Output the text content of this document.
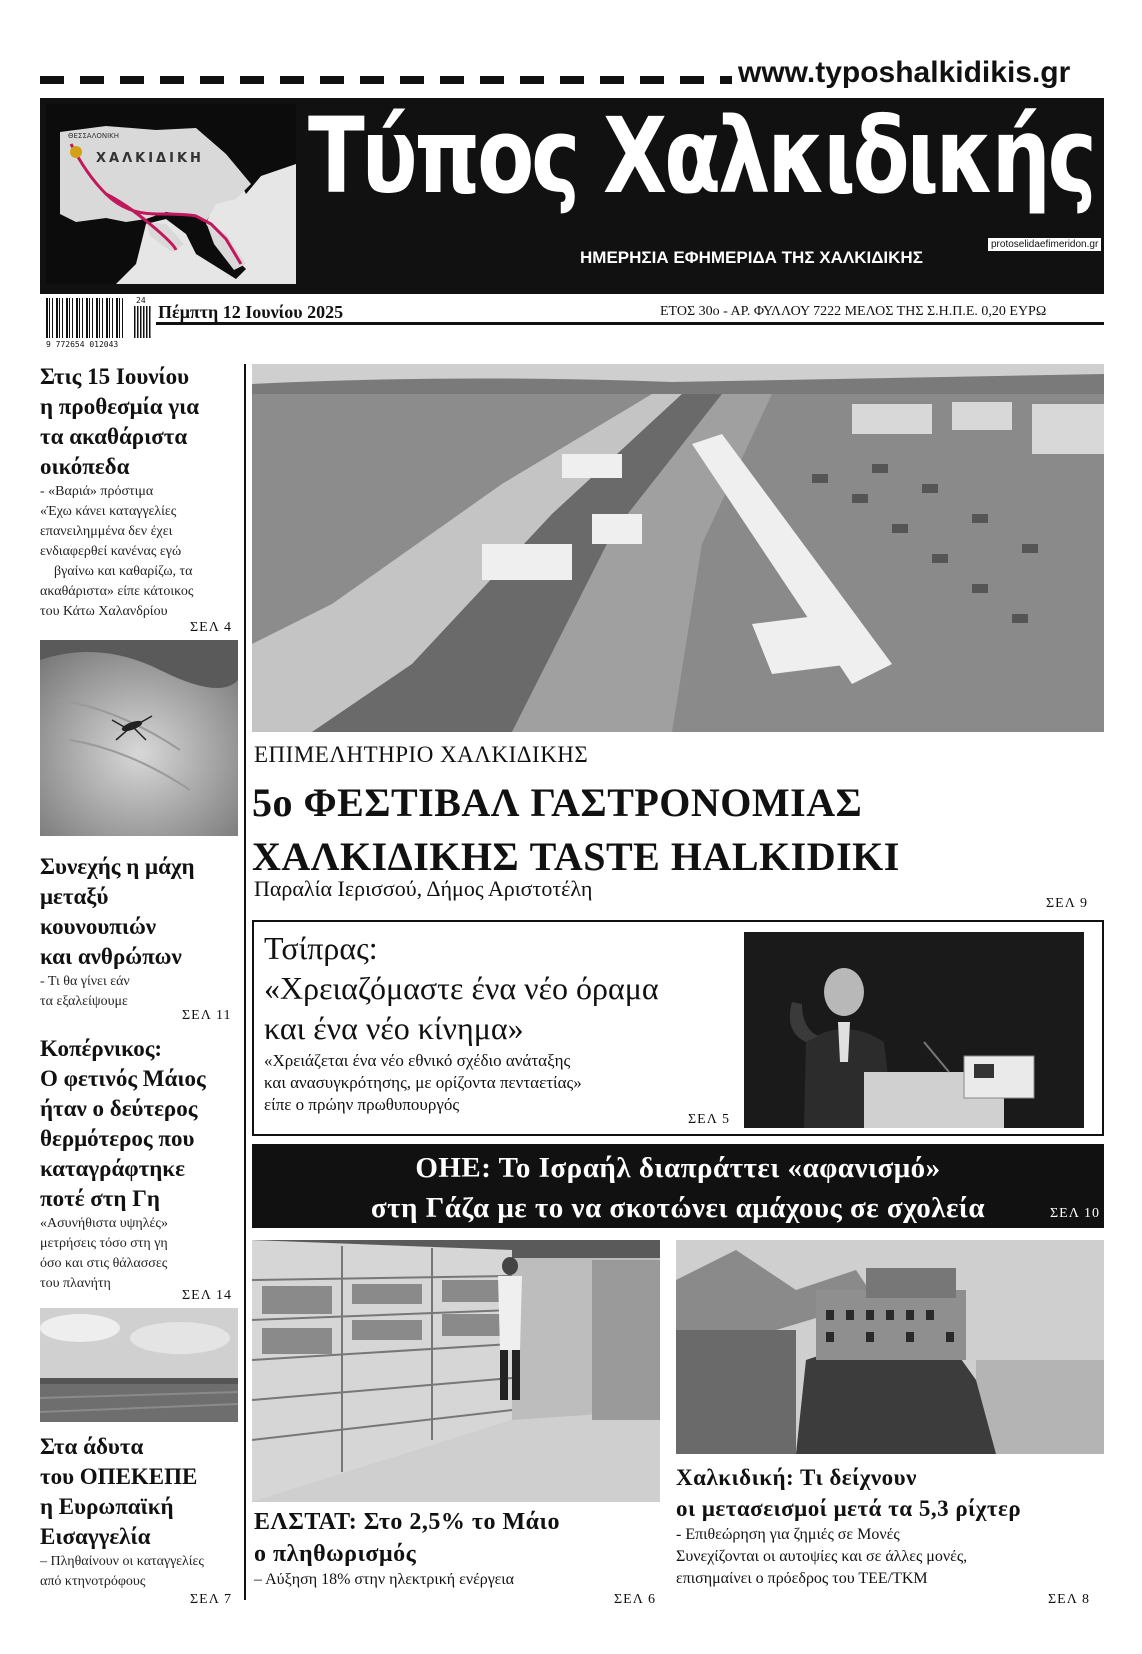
www.typoshalkidikis.gr
ΘΕΣΣΑΛΟΝΙΚΗ
ΧΑΛΚΙΔΙΚΗ Τύπος Χαλκιδικής
ΗΜΕΡΗΣΙΑ ΕΦΗΜΕΡΙΔΑ ΤΗΣ ΧΑΛΚΙΔΙΚΗΣ
protoselidaefimeridon.gr
9 772654 012043
24
Πέμπτη 12 Ιουνίου 2025	ΕΤΟΣ 30ο - ΑΡ. ΦΥΛΛΟΥ 7222 ΜΕΛΟΣ ΤΗΣ Σ.Η.Π.Ε. 0,20 ΕΥΡΩ
Στις 15 Ιουνίου
η προθεσμία για
τα ακαθάριστα
οικόπεδα
- «Βαριά» πρόστιμα
«Έχω κάνει καταγγελίες
επανειλημμένα δεν έχει
ενδιαφερθεί κανένας εγώ
βγαίνω και καθαρίζω, τα
ακαθάριστα» είπε κάτοικος
του Κάτω Χαλανδρίου
ΣΕΛ 4
Συνεχής η μάχη
μεταξύ
κουνουπιών
και ανθρώπων
- Τι θα γίνει εάν
τα εξαλείψουμε
ΣΕΛ 11
Κοπέρνικος:
Ο φετινός Μάιος
ήταν ο δεύτερος
θερμότερος που
καταγράφτηκε
ποτέ στη Γη
«Ασυνήθιστα υψηλές»
μετρήσεις τόσο στη γη
όσο και στις θάλασσες
του πλανήτη
ΣΕΛ 14
Στα άδυτα
του ΟΠΕΚΕΠΕ
η Ευρωπαϊκή
Εισαγγελία
– Πληθαίνουν οι καταγγελίες
από κτηνοτρόφους
ΣΕΛ 7
ΕΠΙΜΕΛΗΤΗΡΙΟ ΧΑΛΚΙΔΙΚΗΣ
5ο ΦΕΣΤΙΒΑΛ ΓΑΣΤΡΟΝΟΜΙΑΣ
ΧΑΛΚΙΔΙΚΗΣ TASTE HALKIDIKI
Παραλία Ιερισσού, Δήμος Αριστοτέλη
ΣΕΛ 9
Τσίπρας:
«Χρειαζόμαστε ένα νέο όραμα
και ένα νέο κίνημα»
«Χρειάζεται ένα νέο εθνικό σχέδιο ανάταξης
και ανασυγκρότησης, με ορίζοντα πενταετίας»
είπε ο πρώην πρωθυπουργός
ΣΕΛ 5
ΟΗΕ: Το Ισραήλ διαπράττει «αφανισμό»
στη Γάζα με το να σκοτώνει αμάχους σε σχολεία	ΣΕΛ 10
ΕΛΣΤΑΤ: Στο 2,5% το Μάιο
ο πληθωρισμός
– Αύξηση 18% στην ηλεκτρική ενέργεια
ΣΕΛ 6
Χαλκιδική: Τι δείχνουν
οι μετασεισμοί μετά τα 5,3 ρίχτερ
- Επιθεώρηση για ζημιές σε Μονές
Συνεχίζονται οι αυτοψίες και σε άλλες μονές,
επισημαίνει ο πρόεδρος του ΤΕΕ/ΤΚΜ
ΣΕΛ 8
